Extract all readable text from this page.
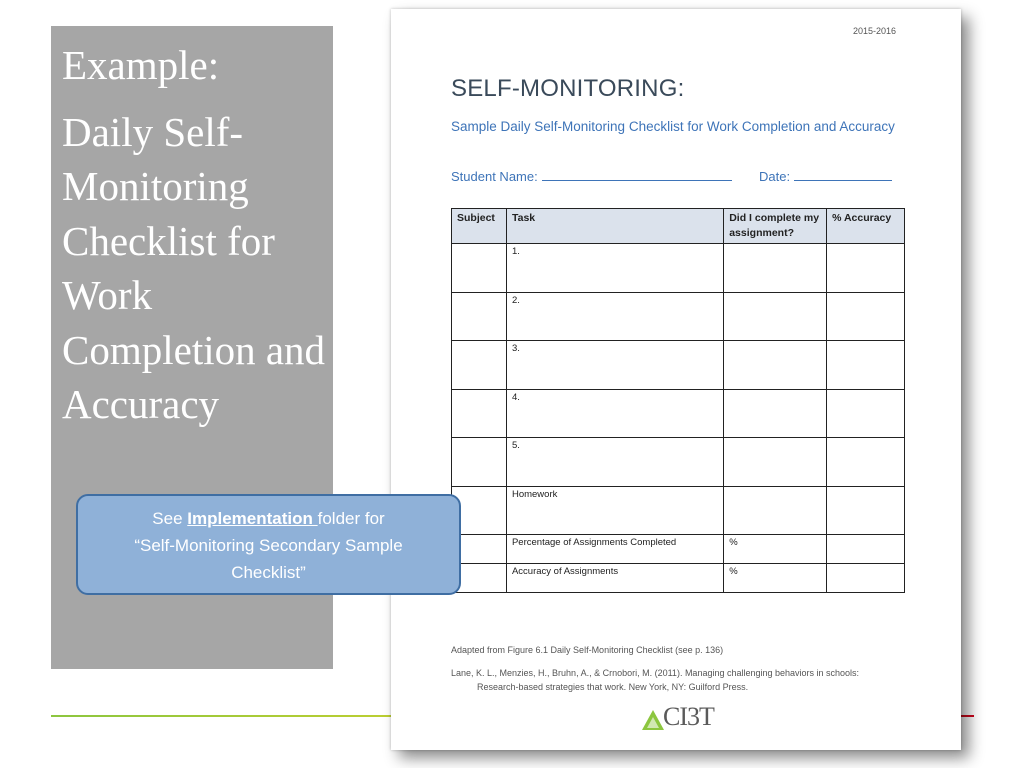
Example:
Daily Self-Monitoring Checklist for Work Completion and Accuracy
2015-2016
SELF-MONITORING:
Sample Daily Self-Monitoring Checklist for Work Completion and Accuracy
Student Name:	Date:
Subject	Task	Did I complete my assignment?	% Accuracy
	1.		
	2.		
	3.		
	4.		
	5.		
	Homework		
	Percentage of Assignments Completed	%	
	Accuracy of Assignments	%	
Adapted from Figure 6.1 Daily Self-Monitoring Checklist (see p. 136)
Lane, K. L., Menzies, H., Bruhn, A., & Crnobori, M. (2011). Managing challenging behaviors in schools:
Research-based strategies that work. New York, NY: Guilford Press.
CI3T
See Implementation folder for
“Self-Monitoring Secondary Sample
Checklist”
